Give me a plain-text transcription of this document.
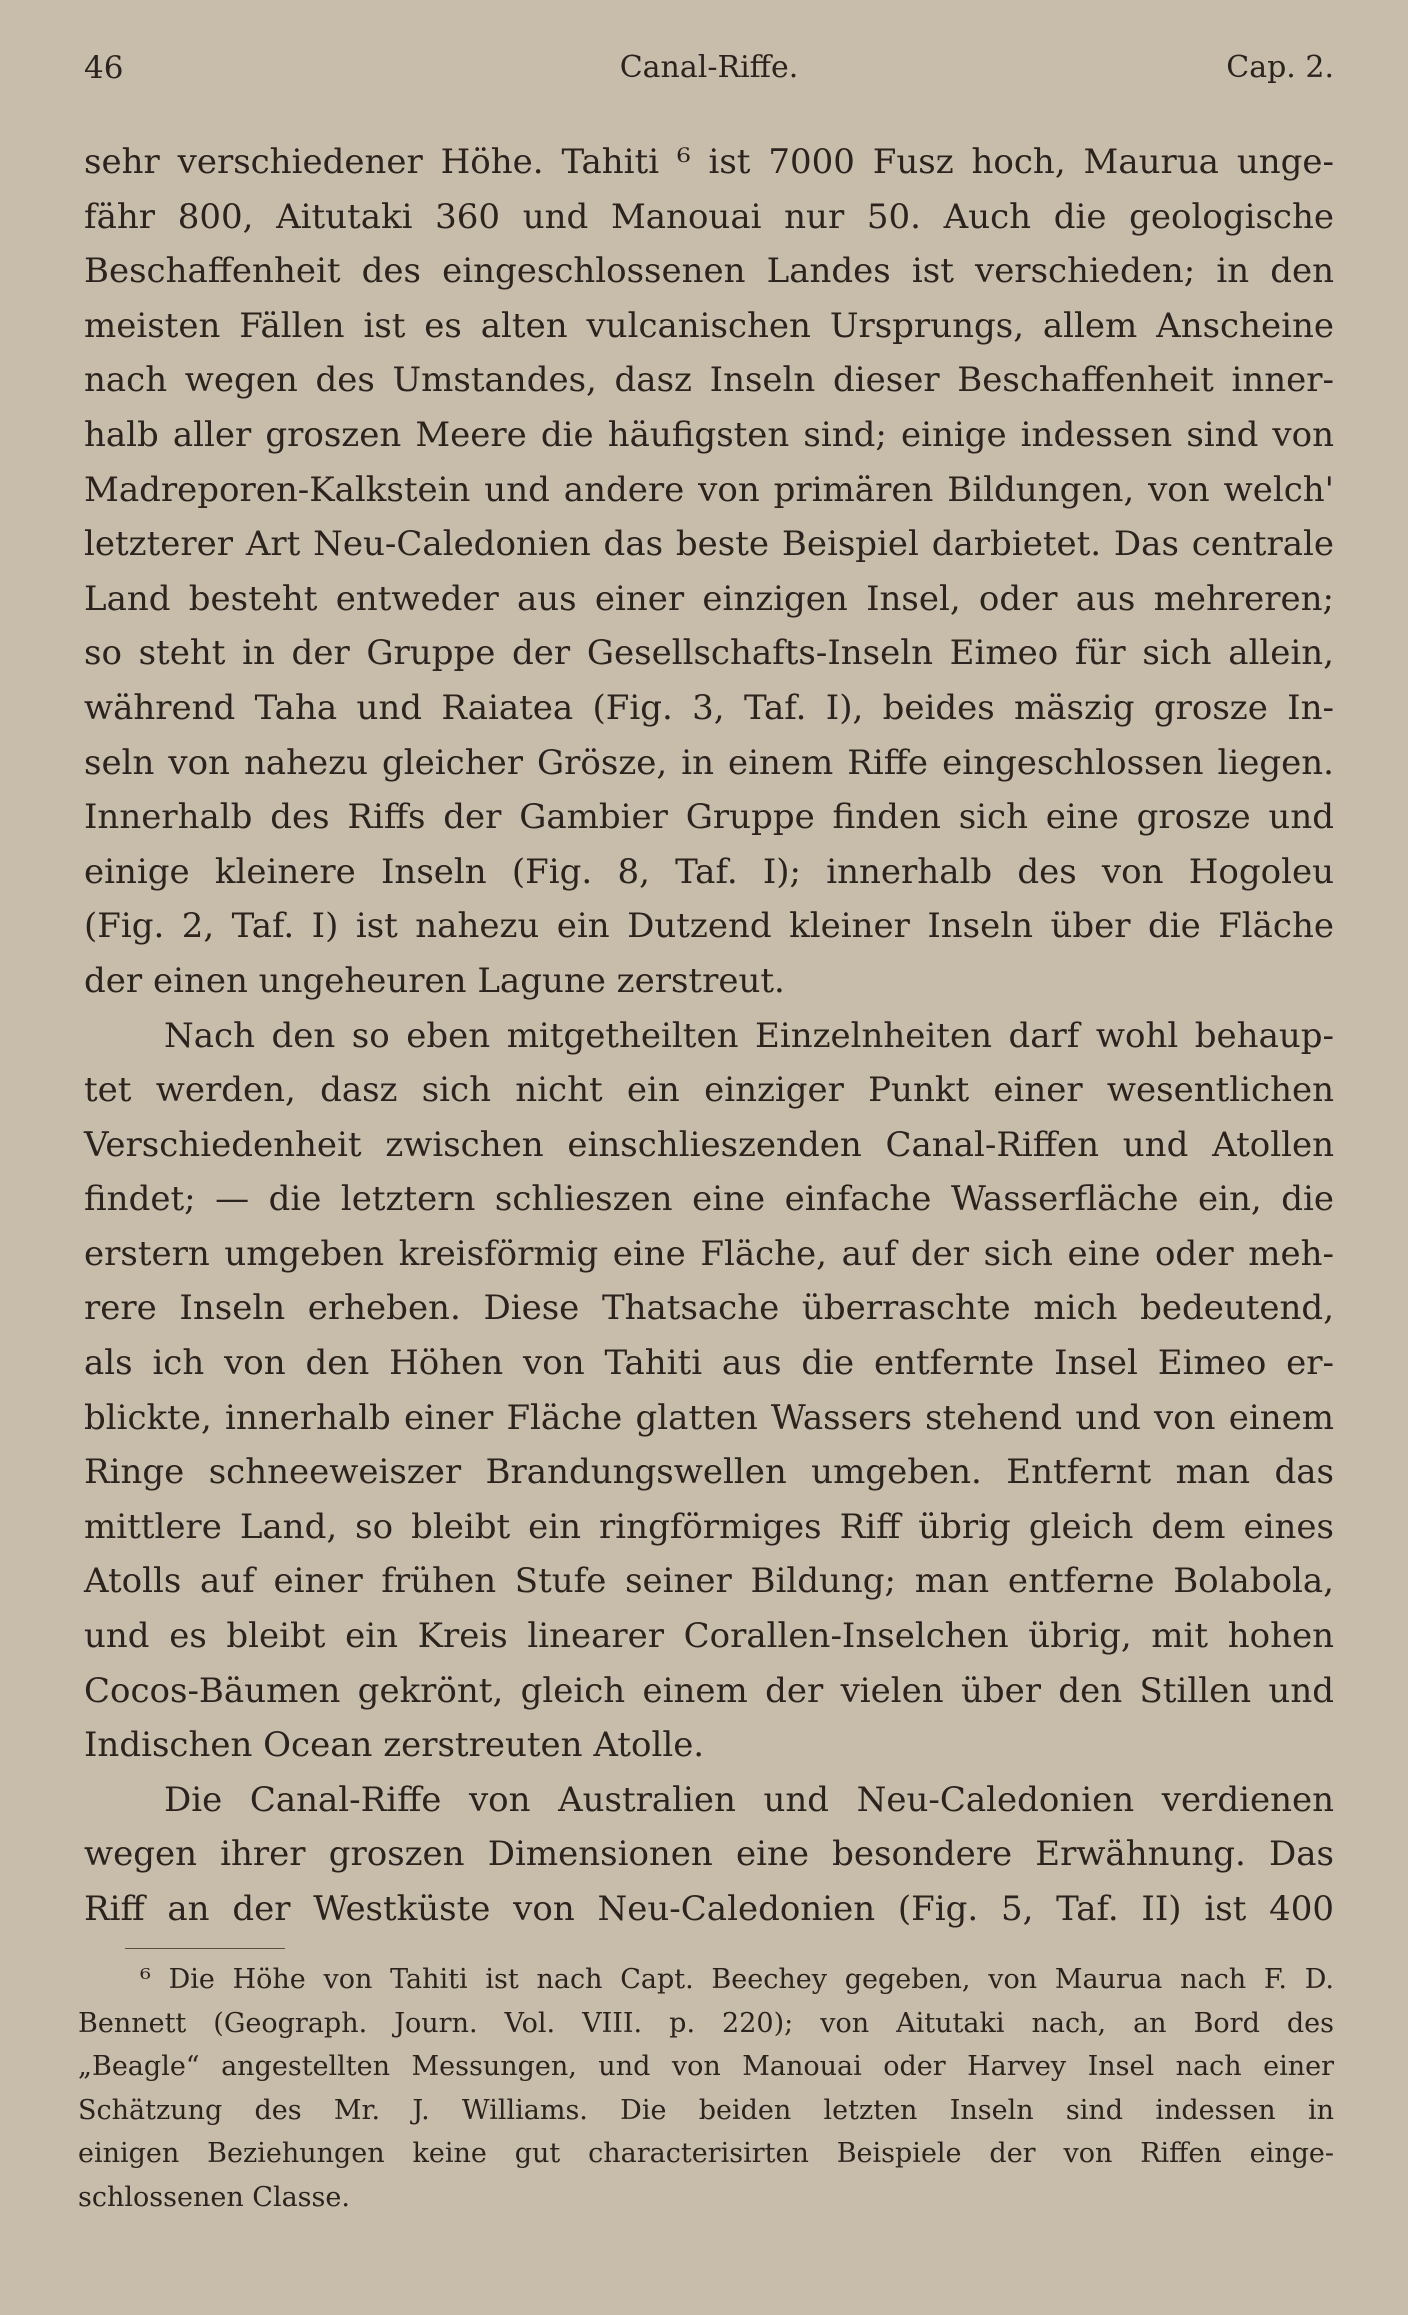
46	Canal-Riffe.	Cap. 2.
sehr verschiedener Höhe. Tahiti ⁶ ist 7000 Fusz hoch, Maurua unge-
fähr 800, Aitutaki 360 und Manouai nur 50. Auch die geologische
Beschaffenheit des eingeschlossenen Landes ist verschieden; in den
meisten Fällen ist es alten vulcanischen Ursprungs, allem Anscheine
nach wegen des Umstandes, dasz Inseln dieser Beschaffenheit inner-
halb aller groszen Meere die häufigsten sind; einige indessen sind von
Madreporen-Kalkstein und andere von primären Bildungen, von welch'
letzterer Art Neu-Caledonien das beste Beispiel darbietet. Das centrale
Land besteht entweder aus einer einzigen Insel, oder aus mehreren;
so steht in der Gruppe der Gesellschafts-Inseln Eimeo für sich allein,
während Taha und Raiatea (Fig. 3, Taf. I), beides mäszig grosze In-
seln von nahezu gleicher Grösze, in einem Riffe eingeschlossen liegen.
Innerhalb des Riffs der Gambier Gruppe finden sich eine grosze und
einige kleinere Inseln (Fig. 8, Taf. I); innerhalb des von Hogoleu
(Fig. 2, Taf. I) ist nahezu ein Dutzend kleiner Inseln über die Fläche
der einen ungeheuren Lagune zerstreut.
Nach den so eben mitgetheilten Einzelnheiten darf wohl behaup-
tet werden, dasz sich nicht ein einziger Punkt einer wesentlichen
Verschiedenheit zwischen einschlieszenden Canal-Riffen und Atollen
findet; — die letztern schlieszen eine einfache Wasserfläche ein, die
erstern umgeben kreisförmig eine Fläche, auf der sich eine oder meh-
rere Inseln erheben. Diese Thatsache überraschte mich bedeutend,
als ich von den Höhen von Tahiti aus die entfernte Insel Eimeo er-
blickte, innerhalb einer Fläche glatten Wassers stehend und von einem
Ringe schneeweiszer Brandungswellen umgeben. Entfernt man das
mittlere Land, so bleibt ein ringförmiges Riff übrig gleich dem eines
Atolls auf einer frühen Stufe seiner Bildung; man entferne Bolabola,
und es bleibt ein Kreis linearer Corallen-Inselchen übrig, mit hohen
Cocos-Bäumen gekrönt, gleich einem der vielen über den Stillen und
Indischen Ocean zerstreuten Atolle.
Die Canal-Riffe von Australien und Neu-Caledonien verdienen
wegen ihrer groszen Dimensionen eine besondere Erwähnung. Das
Riff an der Westküste von Neu-Caledonien (Fig. 5, Taf. II) ist 400
⁶ Die Höhe von Tahiti ist nach Capt. Beechey gegeben, von Maurua nach F. D.
Bennett (Geograph. Journ. Vol. VIII. p. 220); von Aitutaki nach, an Bord des
„Beagle“ angestellten Messungen, und von Manouai oder Harvey Insel nach einer
Schätzung des Mr. J. Williams. Die beiden letzten Inseln sind indessen in
einigen Beziehungen keine gut characterisirten Beispiele der von Riffen einge-
schlossenen Classe.
